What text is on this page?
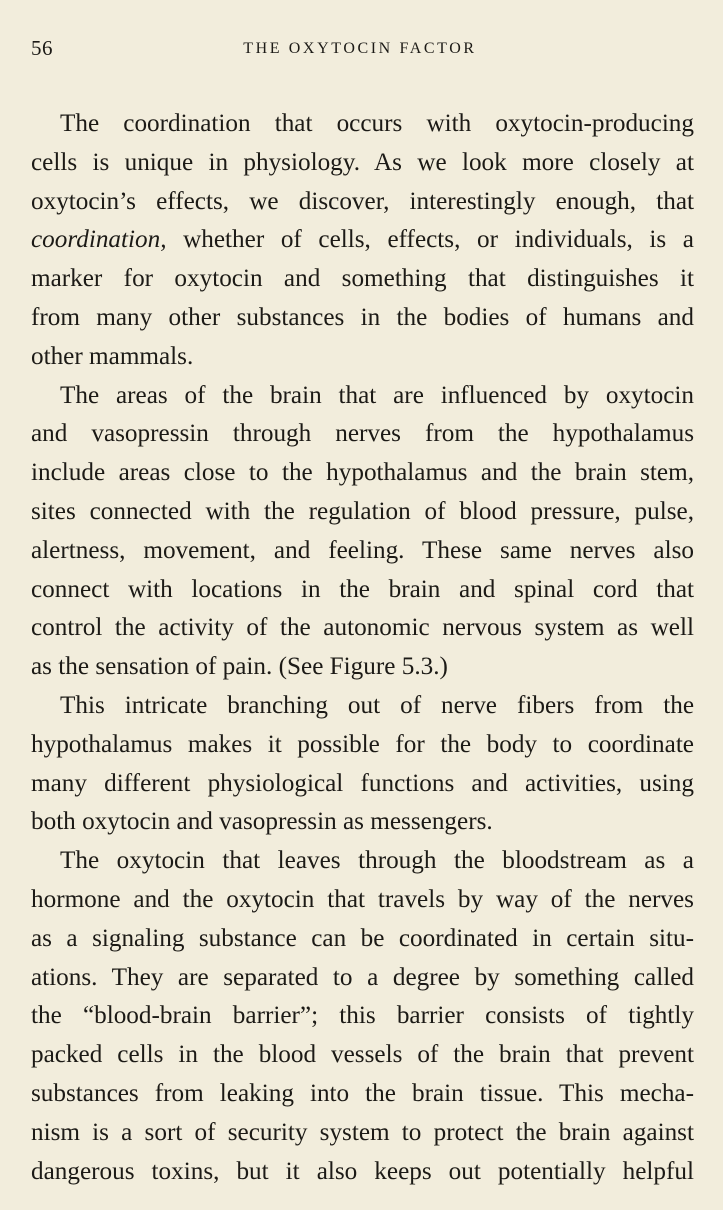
56	THE OXYTOCIN FACTOR
The coordination that occurs with oxytocin-producing
cells is unique in physiology. As we look more closely at
oxytocin’s effects, we discover, interestingly enough, that
coordination, whether of cells, effects, or individuals, is a
marker for oxytocin and something that distinguishes it
from many other substances in the bodies of humans and
other mammals.
The areas of the brain that are influenced by oxytocin
and vasopressin through nerves from the hypothalamus
include areas close to the hypothalamus and the brain stem,
sites connected with the regulation of blood pressure, pulse,
alertness, movement, and feeling. These same nerves also
connect with locations in the brain and spinal cord that
control the activity of the autonomic nervous system as well
as the sensation of pain. (See Figure 5.3.)
This intricate branching out of nerve fibers from the
hypothalamus makes it possible for the body to coordinate
many different physiological functions and activities, using
both oxytocin and vasopressin as messengers.
The oxytocin that leaves through the bloodstream as a
hormone and the oxytocin that travels by way of the nerves
as a signaling substance can be coordinated in certain situ-
ations. They are separated to a degree by something called
the “blood-brain barrier”; this barrier consists of tightly
packed cells in the blood vessels of the brain that prevent
substances from leaking into the brain tissue. This mecha-
nism is a sort of security system to protect the brain against
dangerous toxins, but it also keeps out potentially helpful
